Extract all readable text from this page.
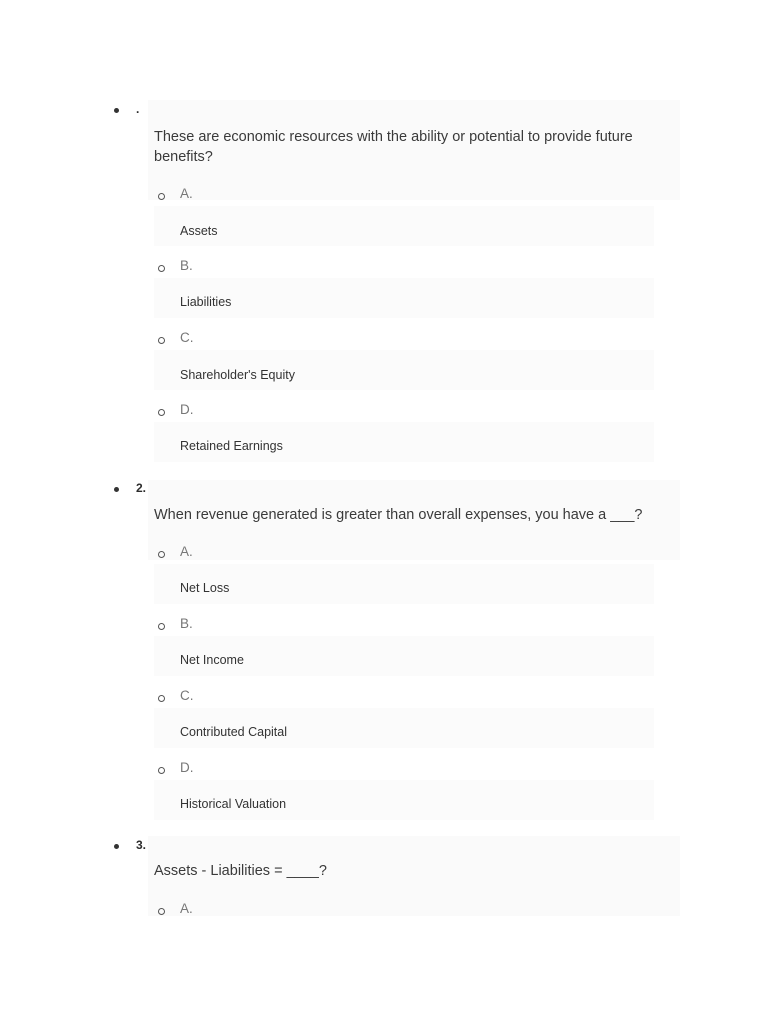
.
These are economic resources with the ability or potential to provide future benefits?
A.
Assets
B.
Liabilities
C.
Shareholder's Equity
D.
Retained Earnings
2.
When revenue generated is greater than overall expenses, you have a ___?
A.
Net Loss
B.
Net Income
C.
Contributed Capital
D.
Historical Valuation
3.
Assets - Liabilities = ____?
A.
